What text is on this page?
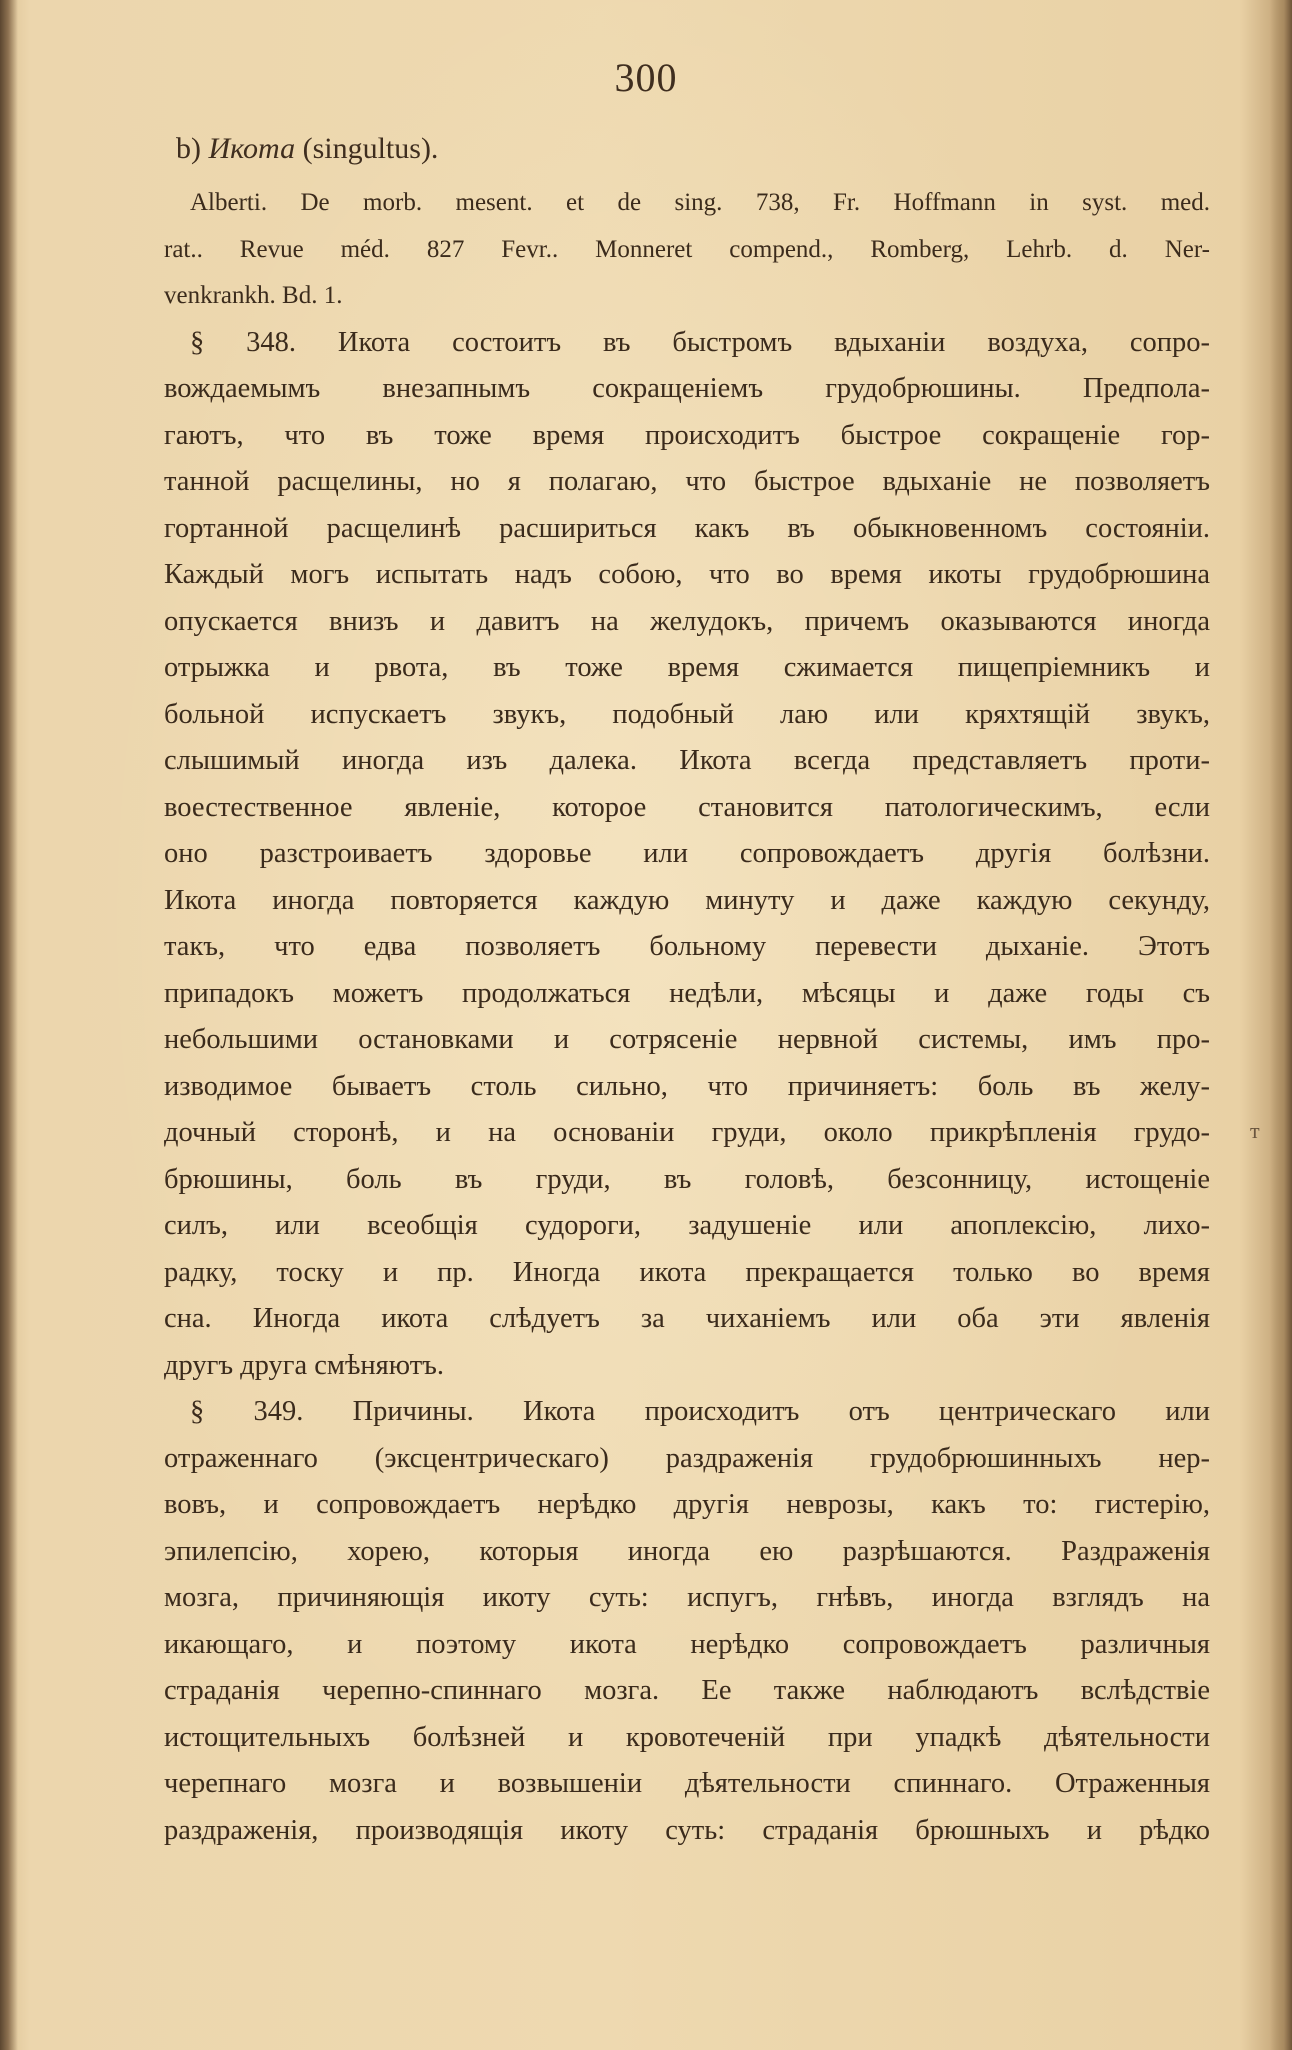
300
b) Икота (singultus).
Alberti. De morb. mesent. et de sing. 738, Fr. Hoffmann in syst. med.
rat.. Revue méd. 827 Fevr.. Monneret compend., Romberg, Lehrb. d. Ner-
venkrankh. Bd. 1.
§ 348. Икота состоитъ въ быстромъ вдыханіи воздуха, сопро-
вождаемымъ внезапнымъ сокращеніемъ грудобрюшины. Предпола-
гаютъ, что въ тоже время происходитъ быстрое сокращеніе гор-
танной расщелины, но я полагаю, что быстрое вдыханіе не позволяетъ
гортанной расщелинѣ расшириться какъ въ обыкновенномъ состояніи.
Каждый могъ испытать надъ собою, что во время икоты грудобрюшина
опускается внизъ и давитъ на желудокъ, причемъ оказываются иногда
отрыжка и рвота, въ тоже время сжимается пищепріемникъ и
больной испускаетъ звукъ, подобный лаю или кряхтящій звукъ,
слышимый иногда изъ далека. Икота всегда представляетъ проти-
воестественное явленіе, которое становится патологическимъ, если
оно разстроиваетъ здоровье или сопровождаетъ другія болѣзни.
Икота иногда повторяется каждую минуту и даже каждую секунду,
такъ, что едва позволяетъ больному перевести дыханіе. Этотъ
припадокъ можетъ продолжаться недѣли, мѣсяцы и даже годы съ
небольшими остановками и сотрясеніе нервной системы, имъ про-
изводимое бываетъ столь сильно, что причиняетъ: боль въ желу-
дочный сторонѣ, и на основаніи груди, около прикрѣпленія грудо-
брюшины, боль въ груди, въ головѣ, безсонницу, истощеніе
силъ, или всеобщія судороги, задушеніе или апоплексію, лихо-
радку, тоску и пр. Иногда икота прекращается только во время
сна. Иногда икота слѣдуетъ за чиханіемъ или оба эти явленія
другъ друга смѣняютъ.
§ 349. Причины. Икота происходитъ отъ центрическаго или
отраженнаго (эксцентрическаго) раздраженія грудобрюшинныхъ нер-
вовъ, и сопровождаетъ нерѣдко другія неврозы, какъ то: гистерію,
эпилепсію, хорею, которыя иногда ею разрѣшаются. Раздраженія
мозга, причиняющія икоту суть: испугъ, гнѣвъ, иногда взглядъ на
икающаго, и поэтому икота нерѣдко сопровождаетъ различныя
страданія черепно-спиннаго мозга. Ее также наблюдаютъ вслѣдствіе
истощительныхъ болѣзней и кровотеченій при упадкѣ дѣятельности
черепнаго мозга и возвышеніи дѣятельности спиннаго. Отраженныя
раздраженія, производящія икоту суть: страданія брюшныхъ и рѣдко
т
